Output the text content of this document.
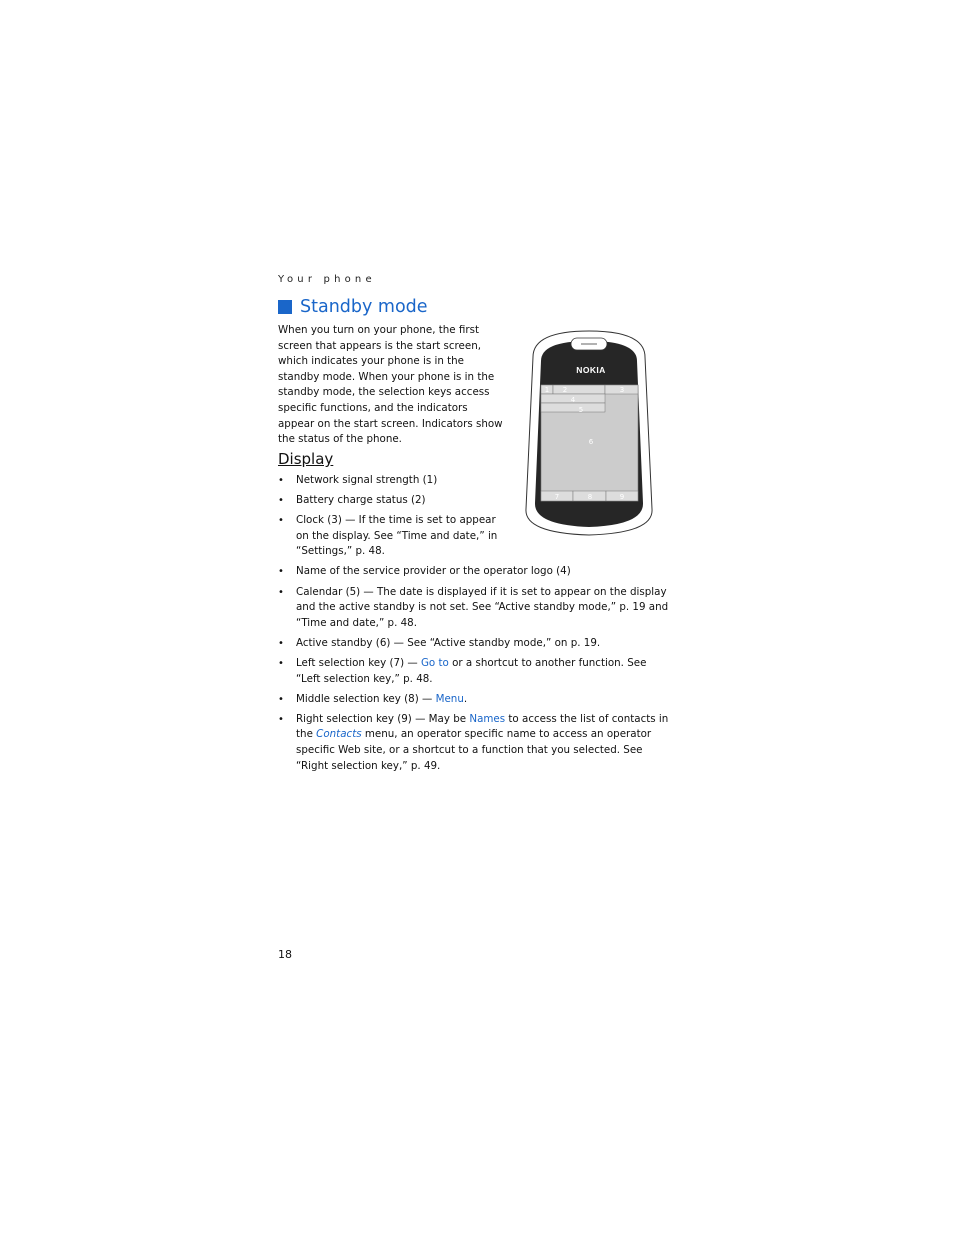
Your phone
Standby mode

When you turn on your phone, the first screen that appears is the start screen, which indicates your phone is in the standby mode. When your phone is in the standby mode, the selection keys access specific functions, and the indicators appear on the start screen. Indicators show the status of the phone.

Display
• Network signal strength (1)
• Battery charge status (2)
• Clock (3) — If the time is set to appear on the display. See “Time and date,” in “Settings,” p. 48.
• Name of the service provider or the operator logo (4)
• Calendar (5) — The date is displayed if it is set to appear on the display and the active standby is not set. See “Active standby mode,” p. 19 and “Time and date,” p. 48.
• Active standby (6) — See “Active standby mode,” on p. 19.
• Left selection key (7) — Go to or a shortcut to another function. See “Left selection key,” p. 48.
• Middle selection key (8) — Menu.
• Right selection key (9) — May be Names to access the list of contacts in the Contacts menu, an operator specific name to access an operator specific Web site, or a shortcut to a function that you selected. See “Right selection key,” p. 49.
NOKIA
1 2	3
4
5
6
7	8	9
18
